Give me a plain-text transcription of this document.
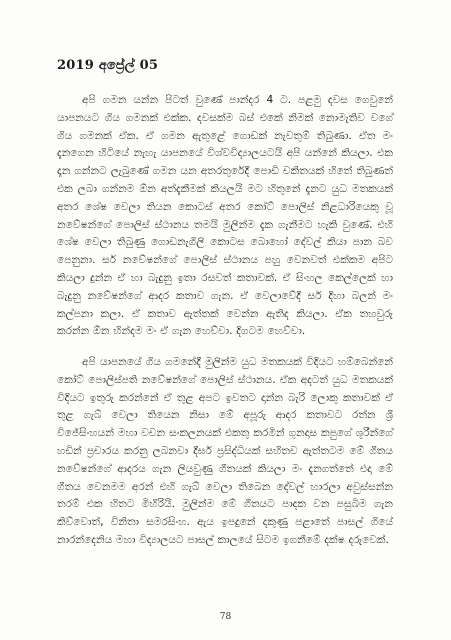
2019 අප්‍රේල් 05

අපි ගමන යන්න පිටත් වුණේ පාන්දර 4 ට. පළමු දවස ගෙවුනේ යාපනයට ගිය ගමනක් එක්ක. දවසක්ම බස් එකේ නිමක් නොමැතිව වගේ ගිය ගමනක් ඒක. ඒ ගමන ඇතුළේ ගොඩක් නැවතුම් තිබුණා. ඒත මං දැනගෙන හිටියේ නැහැ යාපනයේ විශ්වවිද්‍යාලයටයි අපි යන්නේ කියලා. එක දෑන ගන්නට ලැබුණේ ගමන යන අතරතුරේදී පොඩි චකිතයක් හිතේ තිබුණත් එක ලබා ගන්නම ඕන අත්දැකීමක් කියලයි මට හිතුනේ දැනට යුධ මතකයක් අතර ශේෂ වෙලා තියන කොටස් අතර කෝට් පොලිස් නිළධාරියෙකු වූ නවේෂන්ගේ පොලිස් ස්ථානය තමයි මුලින්ම දැක ගැනීමට හැකි වුණේ. එහි ශේෂ වෙලා තිබුණු ගොඩනැගිලි කොටස බොහෝ දේවල් කියා පාන බව පෙනුනා. සර් නවේෂන්ගේ පොලිස් ස්ථානය පහු වෙනවත් එක්කම අපිට කියලා දුන්න ඒ හා බැදුනු ඉතා රසවත් කතාවක්. ඒ සිංහල කෙල්ලෙක් හා බැදුනු නවේෂන්ගේ ආදර කතාව ගැන. ඒ වෙලාවේදී සර් දිහා බලන් මං කල්පනා කලා. ඒ කතාව ඇත්තක් වෙන්න ඇතිද කියලා. ඒක තහවුරු කරන්න ඕන හින්දම මං ඒ ගැන හෙව්වා. දිගටම හෙව්වා.

අපි යාපනයේ ගිය ගමනේදී මුලින්ම යුධ මතකයක් විදියට හම්බෙන්නේ කෝට් පොලිස්පති නවේෂන්ගේ පොලිස් ස්ථානය. ඒක අදටත් යුධ මතකයක් විදියට ඉතුරු කරන්නේ ඒ තුළ අපට ඉවතට දාන්න බැරි ලොකු කතාවක් ඒ තුළ ගැබ් වෙලා තියෙන නිසා මේ අපූරු ආදර කතාවට රත්න ශ්‍රී විජේසිංහයන් මහා වචන සංකලනයක් එකතු කරමින් ගුනදාස කපුගේ ශූරීන්ගේ හඩින් ප්‍රචාරය කරනු ලබනවා දීර්ඝ ප්‍රසිද්ධියක් සහිතව ඇත්තටම මේ ගීතය නවේෂන්ගේ ආදරය ගැන ලියවුණු ගීතයක් කියලා මං දැනගත්තේ එදා මේ ගීතය වෙනමම අරන් එහි ගැබ් වෙලා තිබෙන දේවල් හාරලා අවුස්සන්න තරම් එක හිතට මිහිරියි. මුලින්ම මේ ගීතයට පාදක වන පසුබිම ගැන කිව්වොත්, විනිතා සමරසිංහ. ඇය ඉපදුනේ දකුණු පළාතේ පාසල් ගියේ නාරන්දෙනිය මහා විද්‍යාලයට පාසල් කාලයේ සිටම ඉගනීමේ දක්ෂ දරුවෙක්.

78
